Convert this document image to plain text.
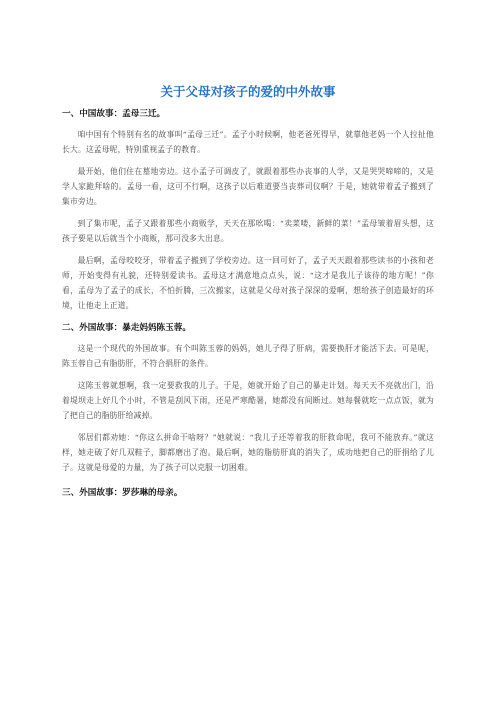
关于父母对孩子的爱的中外故事
一、中国故事：孟母三迁。

咱中国有个特别有名的故事叫“孟母三迁”。孟子小时候啊，他老爸死得早，就靠他老妈一个人拉扯他长大。这孟母呢，特别重视孟子的教育。

最开始，他们住在墓地旁边。这小孟子可调皮了，就跟着那些办丧事的人学，又是哭哭啼啼的，又是学人家跪拜啥的。孟母一看，这可不行啊，这孩子以后难道要当丧葬司仪啊？于是，她就带着孟子搬到了集市旁边。

到了集市呢，孟子又跟着那些小商贩学，天天在那吆喝：“卖菜喽，新鲜的菜！”孟母皱着眉头想，这孩子要是以后就当个小商贩，那可没多大出息。

最后啊，孟母咬咬牙，带着孟子搬到了学校旁边。这一回可好了，孟子天天跟着那些读书的小孩和老师，开始变得有礼貌，还特别爱读书。孟母这才满意地点点头，说：“这才是我儿子该待的地方呢！”你看，孟母为了孟子的成长，不怕折腾，三次搬家，这就是父母对孩子深深的爱啊，想给孩子创造最好的环境，让他走上正道。

二、外国故事：暴走妈妈陈玉蓉。

这是一个现代的外国故事。有个叫陈玉蓉的妈妈，她儿子得了肝病，需要换肝才能活下去。可是呢，陈玉蓉自己有脂肪肝，不符合捐肝的条件。

这陈玉蓉就想啊，我一定要救我的儿子。于是，她就开始了自己的暴走计划。每天天不亮就出门，沿着堤坝走上好几个小时，不管是刮风下雨，还是严寒酷暑，她都没有间断过。她每餐就吃一点点饭，就为了把自己的脂肪肝给减掉。

邻居们都劝她：“你这么拼命干啥呀？”她就说：“我儿子还等着我的肝救命呢，我可不能放弃。”就这样，她走破了好几双鞋子，脚都磨出了泡。最后啊，她的脂肪肝真的消失了，成功地把自己的肝捐给了儿子。这就是母爱的力量，为了孩子可以克服一切困难。

三、外国故事：罗莎琳的母亲。
